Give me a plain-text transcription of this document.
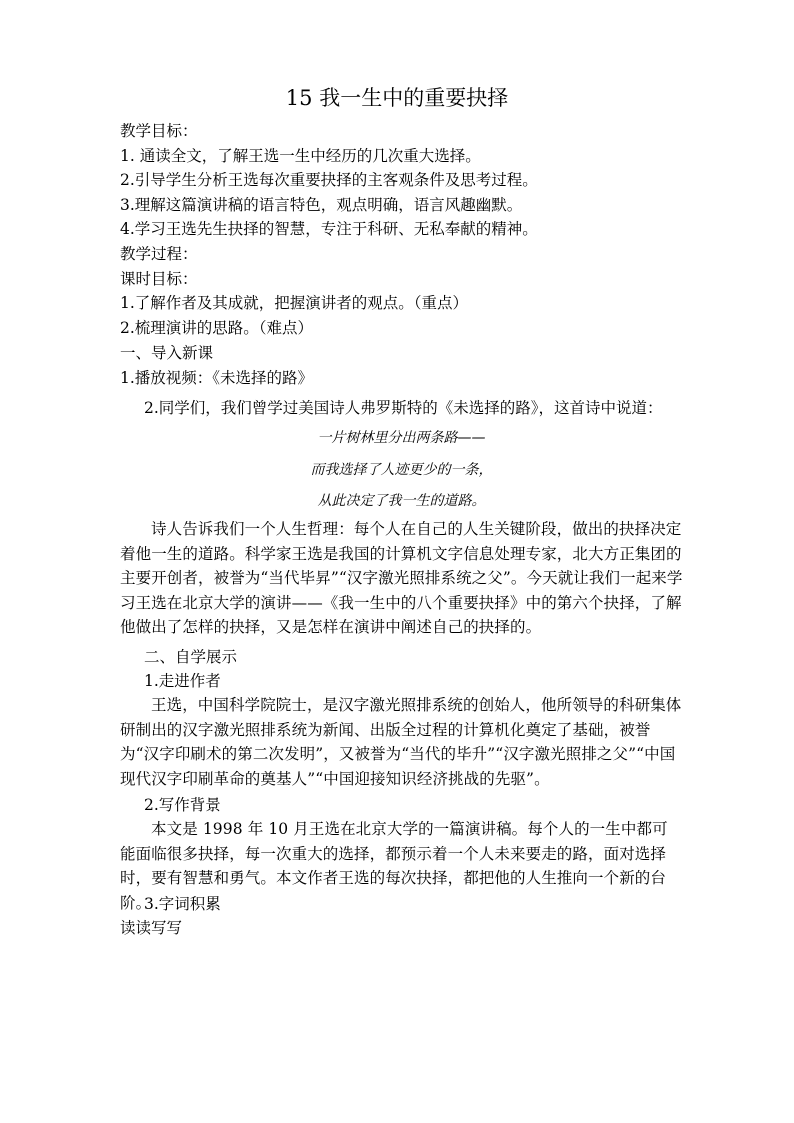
15 我一生中的重要抉择
教学目标：
1. 通读全文，了解王选一生中经历的几次重大选择。
2.引导学生分析王选每次重要抉择的主客观条件及思考过程。
3.理解这篇演讲稿的语言特色，观点明确，语言风趣幽默。
4.学习王选先生抉择的智慧，专注于科研、无私奉献的精神。
教学过程：
课时目标：
1.了解作者及其成就，把握演讲者的观点。（重点）
2.梳理演讲的思路。（难点）
一、导入新课
1.播放视频：《未选择的路》
2.同学们，我们曾学过美国诗人弗罗斯特的《未选择的路》，这首诗中说道：
一片树林里分出两条路——
而我选择了人迹更少的一条，
从此决定了我一生的道路。
诗人告诉我们一个人生哲理：每个人在自己的人生关键阶段，做出的抉择决定着他一生的道路。科学家王选是我国的计算机文字信息处理专家，北大方正集团的主要开创者，被誉为“当代毕昇”“汉字激光照排系统之父”。今天就让我们一起来学习王选在北京大学的演讲——《我一生中的八个重要抉择》中的第六个抉择，了解他做出了怎样的抉择，又是怎样在演讲中阐述自己的抉择的。
二、自学展示
1.走进作者
王选，中国科学院院士，是汉字激光照排系统的创始人，他所领导的科研集体研制出的汉字激光照排系统为新闻、出版全过程的计算机化奠定了基础，被誉为“汉字印刷术的第二次发明”，又被誉为“当代的毕升”“汉字激光照排之父”“中国现代汉字印刷革命的奠基人”“中国迎接知识经济挑战的先驱”。
2.写作背景
本文是 1998 年 10 月王选在北京大学的一篇演讲稿。每个人的一生中都可能面临很多抉择，每一次重大的选择，都预示着一个人未来要走的路，面对选择时，要有智慧和勇气。本文作者王选的每次抉择，都把他的人生推向一个新的台阶。
3.字词积累
读读写写
